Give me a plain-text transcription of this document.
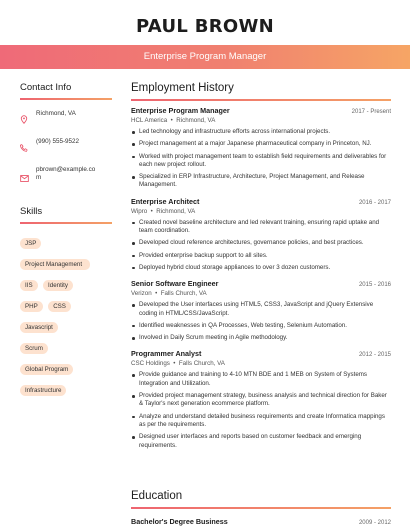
PAUL BROWN
Enterprise Program Manager
Contact Info
Richmond, VA
(990) 555-9522
pbrown@example.com
Skills
JSP
Project Management
IIS Identity
PHP CSS
Javascript
Scrum
Global Program
Infrastructure
Employment History
Enterprise Program Manager	2017 - Present
HCL America  •  Richmond, VA
Led technology and infrastructure efforts across international projects.
Project management at a major Japanese pharmaceutical company in Princeton, NJ.
Worked with project management team to establish field requirements and deliverables for each new project rollout.
Specialized in ERP Infrastructure, Architecture, Project Management, and Release Management.
Enterprise Architect	2016 - 2017
Wipro  •  Richmond, VA
Created novel baseline architecture and led relevant training, ensuring rapid uptake and team coordination.
Developed cloud reference architectures, governance policies, and best practices.
Provided enterprise backup support to all sites.
Deployed hybrid cloud storage appliances to over 3 dozen customers.
Senior Software Engineer	2015 - 2016
Verizon  •  Falls Church, VA
Developed the User interfaces using HTML5, CSS3, JavaScript and jQuery Extensive coding in HTML/CSS/JavaScript.
Identified weaknesses in QA Processes, Web testing, Selenium Automation.
Involved in Daily Scrum meeting in Agile methodology.
Programmer Analyst	2012 - 2015
CSC Holdings  •  Falls Church, VA
Provide guidance and training to 4-10 MTN BDE and 1 MEB on System of Systems Integration and Utilization.
Provided project management strategy, business analysis and technical direction for Baker & Taylor's next generation ecommerce platform.
Analyze and understand detailed business requirements and create Informatica mappings as per the requirements.
Designed user interfaces and reports based on customer feedback and emerging requirements.
Education
Bachelor's Degree Business	2009 - 2012
